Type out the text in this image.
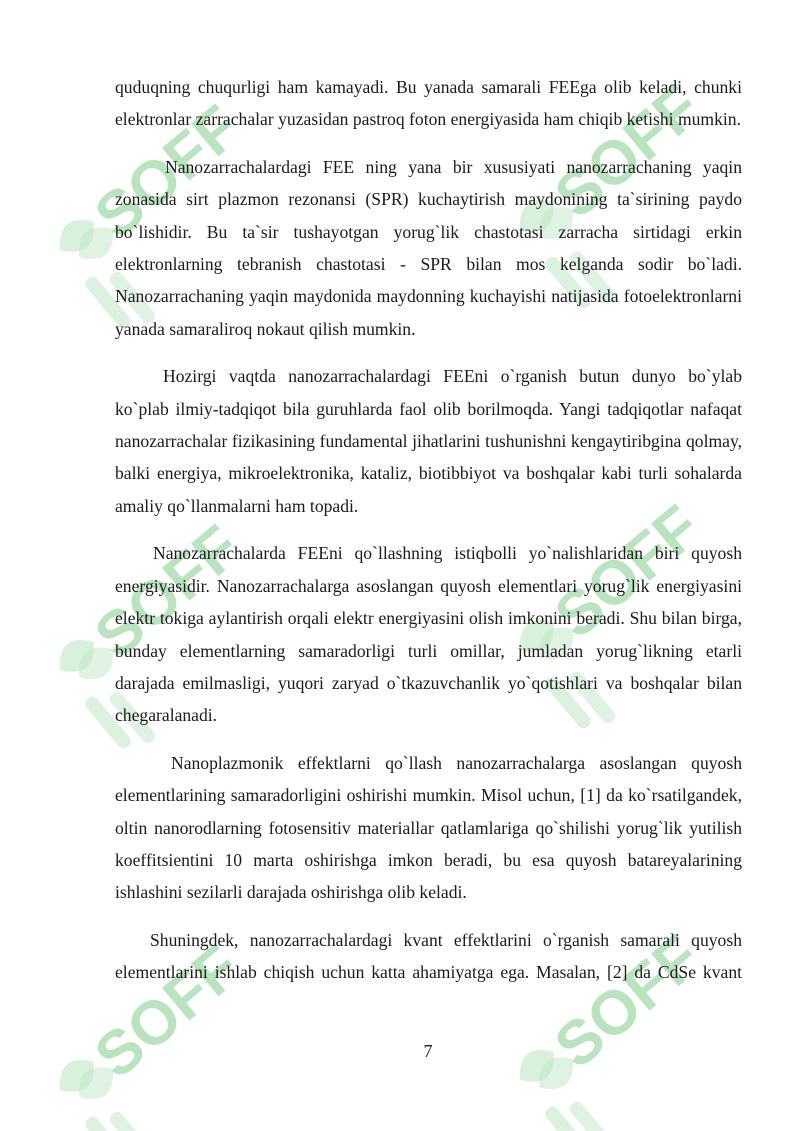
SOFF	SOFF
SOFF	SOFF
SOFF	SOFF

quduqning chuqurligi ham kamayadi. Bu yanada samarali FEEga olib keladi, chunki elektronlar zarrachalar yuzasidan pastroq foton energiyasida ham chiqib ketishi mumkin.

Nanozarrachalardagi FEE ning yana bir xususiyati nanozarrachaning yaqin zonasida sirt plazmon rezonansi (SPR) kuchaytirish maydonining ta`sirining paydo bo`lishidir. Bu ta`sir tushayotgan yorug`lik chastotasi zarracha sirtidagi erkin elektronlarning tebranish chastotasi - SPR bilan mos kelganda sodir bo`ladi. Nanozarrachaning yaqin maydonida maydonning kuchayishi natijasida fotoelektronlarni yanada samaraliroq nokaut qilish mumkin.

Hozirgi vaqtda nanozarrachalardagi FEEni o`rganish butun dunyo bo`ylab ko`plab ilmiy-tadqiqot bila guruhlarda faol olib borilmoqda. Yangi tadqiqotlar nafaqat nanozarrachalar fizikasining fundamental jihatlarini tushunishni kengaytiribgina qolmay, balki energiya, mikroelektronika, kataliz, biotibbiyot va boshqalar kabi turli sohalarda amaliy qo`llanmalarni ham topadi.

Nanozarrachalarda FEEni qo`llashning istiqbolli yo`nalishlaridan biri quyosh energiyasidir. Nanozarrachalarga asoslangan quyosh elementlari yorug`lik energiyasini elektr tokiga aylantirish orqali elektr energiyasini olish imkonini beradi. Shu bilan birga, bunday elementlarning samaradorligi turli omillar, jumladan yorug`likning etarli darajada emilmasligi, yuqori zaryad o`tkazuvchanlik yo`qotishlari va boshqalar bilan chegaralanadi.

Nanoplazmonik effektlarni qo`llash nanozarrachalarga asoslangan quyosh elementlarining samaradorligini oshirishi mumkin. Misol uchun, [1] da ko`rsatilgandek, oltin nanorodlarning fotosensitiv materiallar qatlamlariga qo`shilishi yorug`lik yutilish koeffitsientini 10 marta oshirishga imkon beradi, bu esa quyosh batareyalarining ishlashini sezilarli darajada oshirishga olib keladi.

Shuningdek, nanozarrachalardagi kvant effektlarini o`rganish samarali quyosh elementlarini ishlab chiqish uchun katta ahamiyatga ega. Masalan, [2] da CdSe kvant

7
